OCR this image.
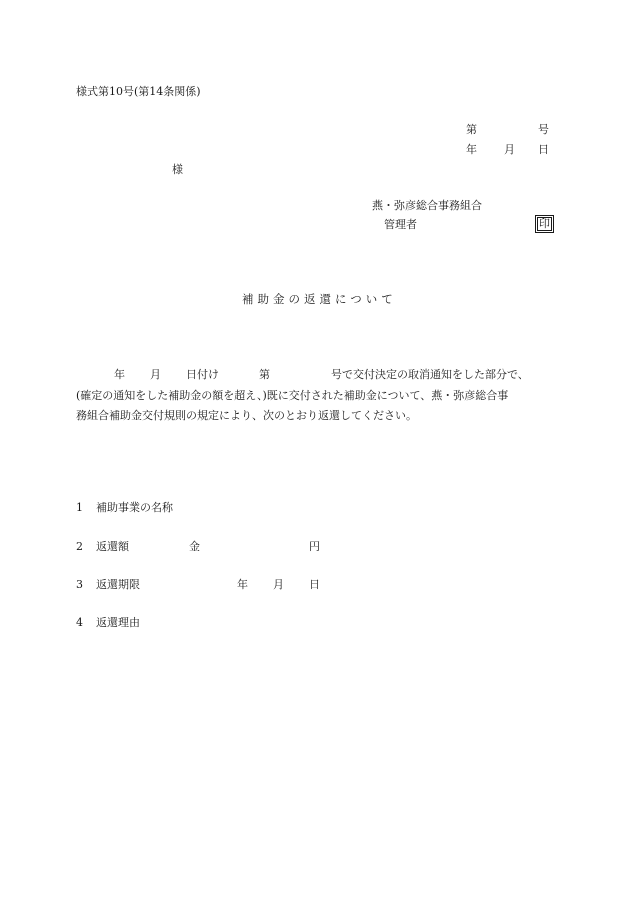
様式第10号(第14条関係)
第	号
年 月 日
様
燕・弥彦総合事務組合
管理者	印
補助金の返還について
年 月 日付け	第	号で交付決定の取消通知をした部分で、
(確定の通知をした補助金の額を超え、)既に交付された補助金について、燕・弥彦総合事
務組合補助金交付規則の規定により、次のとおり返還してください。
1 補助事業の名称
2 返還額	金	円
3 返還期限	年 月 日
4 返還理由
